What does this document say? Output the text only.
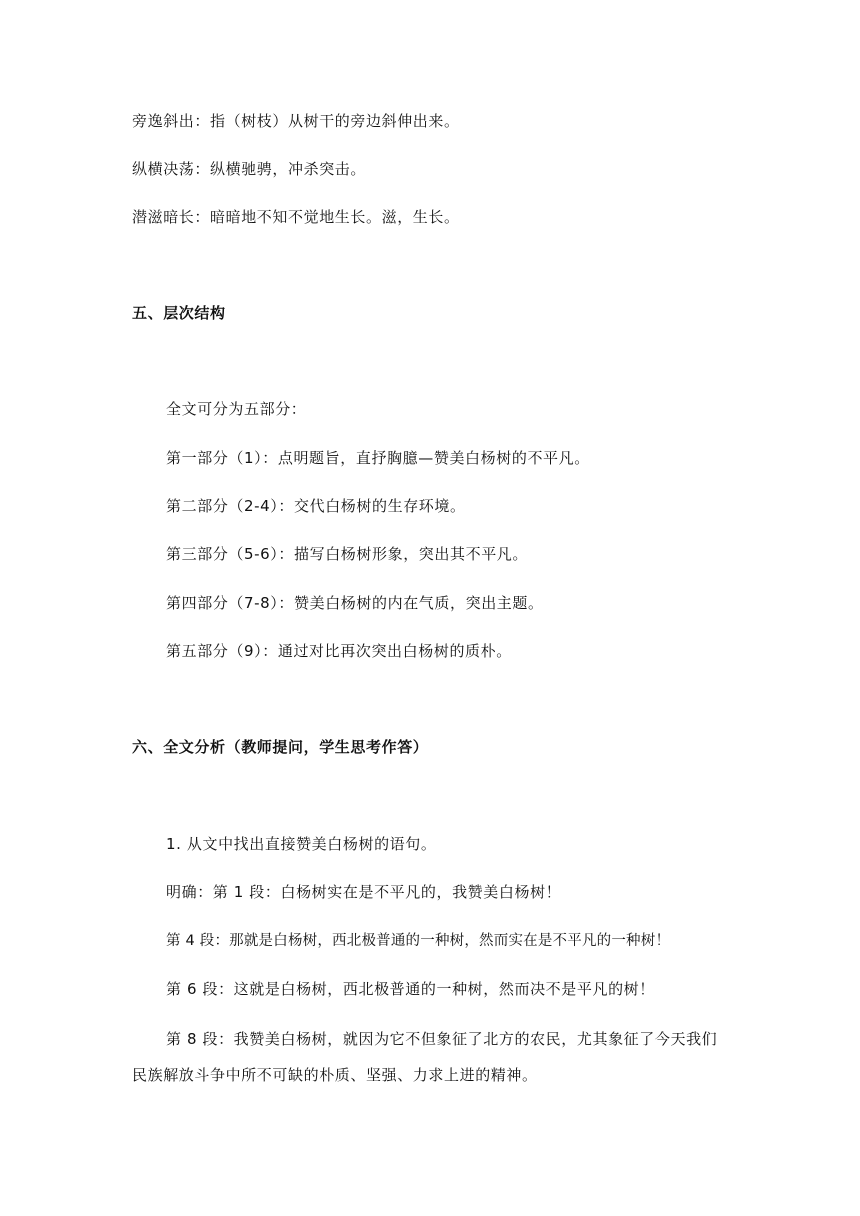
旁逸斜出：指（树枝）从树干的旁边斜伸出来。
纵横决荡：纵横驰骋，冲杀突击。
潜滋暗长：暗暗地不知不觉地生长。滋，生长。
五、层次结构
全文可分为五部分：
第一部分（1）：点明题旨，直抒胸臆—赞美白杨树的不平凡。
第二部分（2-4）：交代白杨树的生存环境。
第三部分（5-6）：描写白杨树形象，突出其不平凡。
第四部分（7-8）：赞美白杨树的内在气质，突出主题。
第五部分（9）：通过对比再次突出白杨树的质朴。
六、全文分析（教师提问，学生思考作答）
1. 从文中找出直接赞美白杨树的语句。
明确：第 1 段：白杨树实在是不平凡的，我赞美白杨树！
第 4 段：那就是白杨树，西北极普通的一种树，然而实在是不平凡的一种树！
第 6 段：这就是白杨树，西北极普通的一种树，然而决不是平凡的树！
第 8 段：我赞美白杨树，就因为它不但象征了北方的农民，尤其象征了今天我们民族解放斗争中所不可缺的朴质、坚强、力求上进的精神。
